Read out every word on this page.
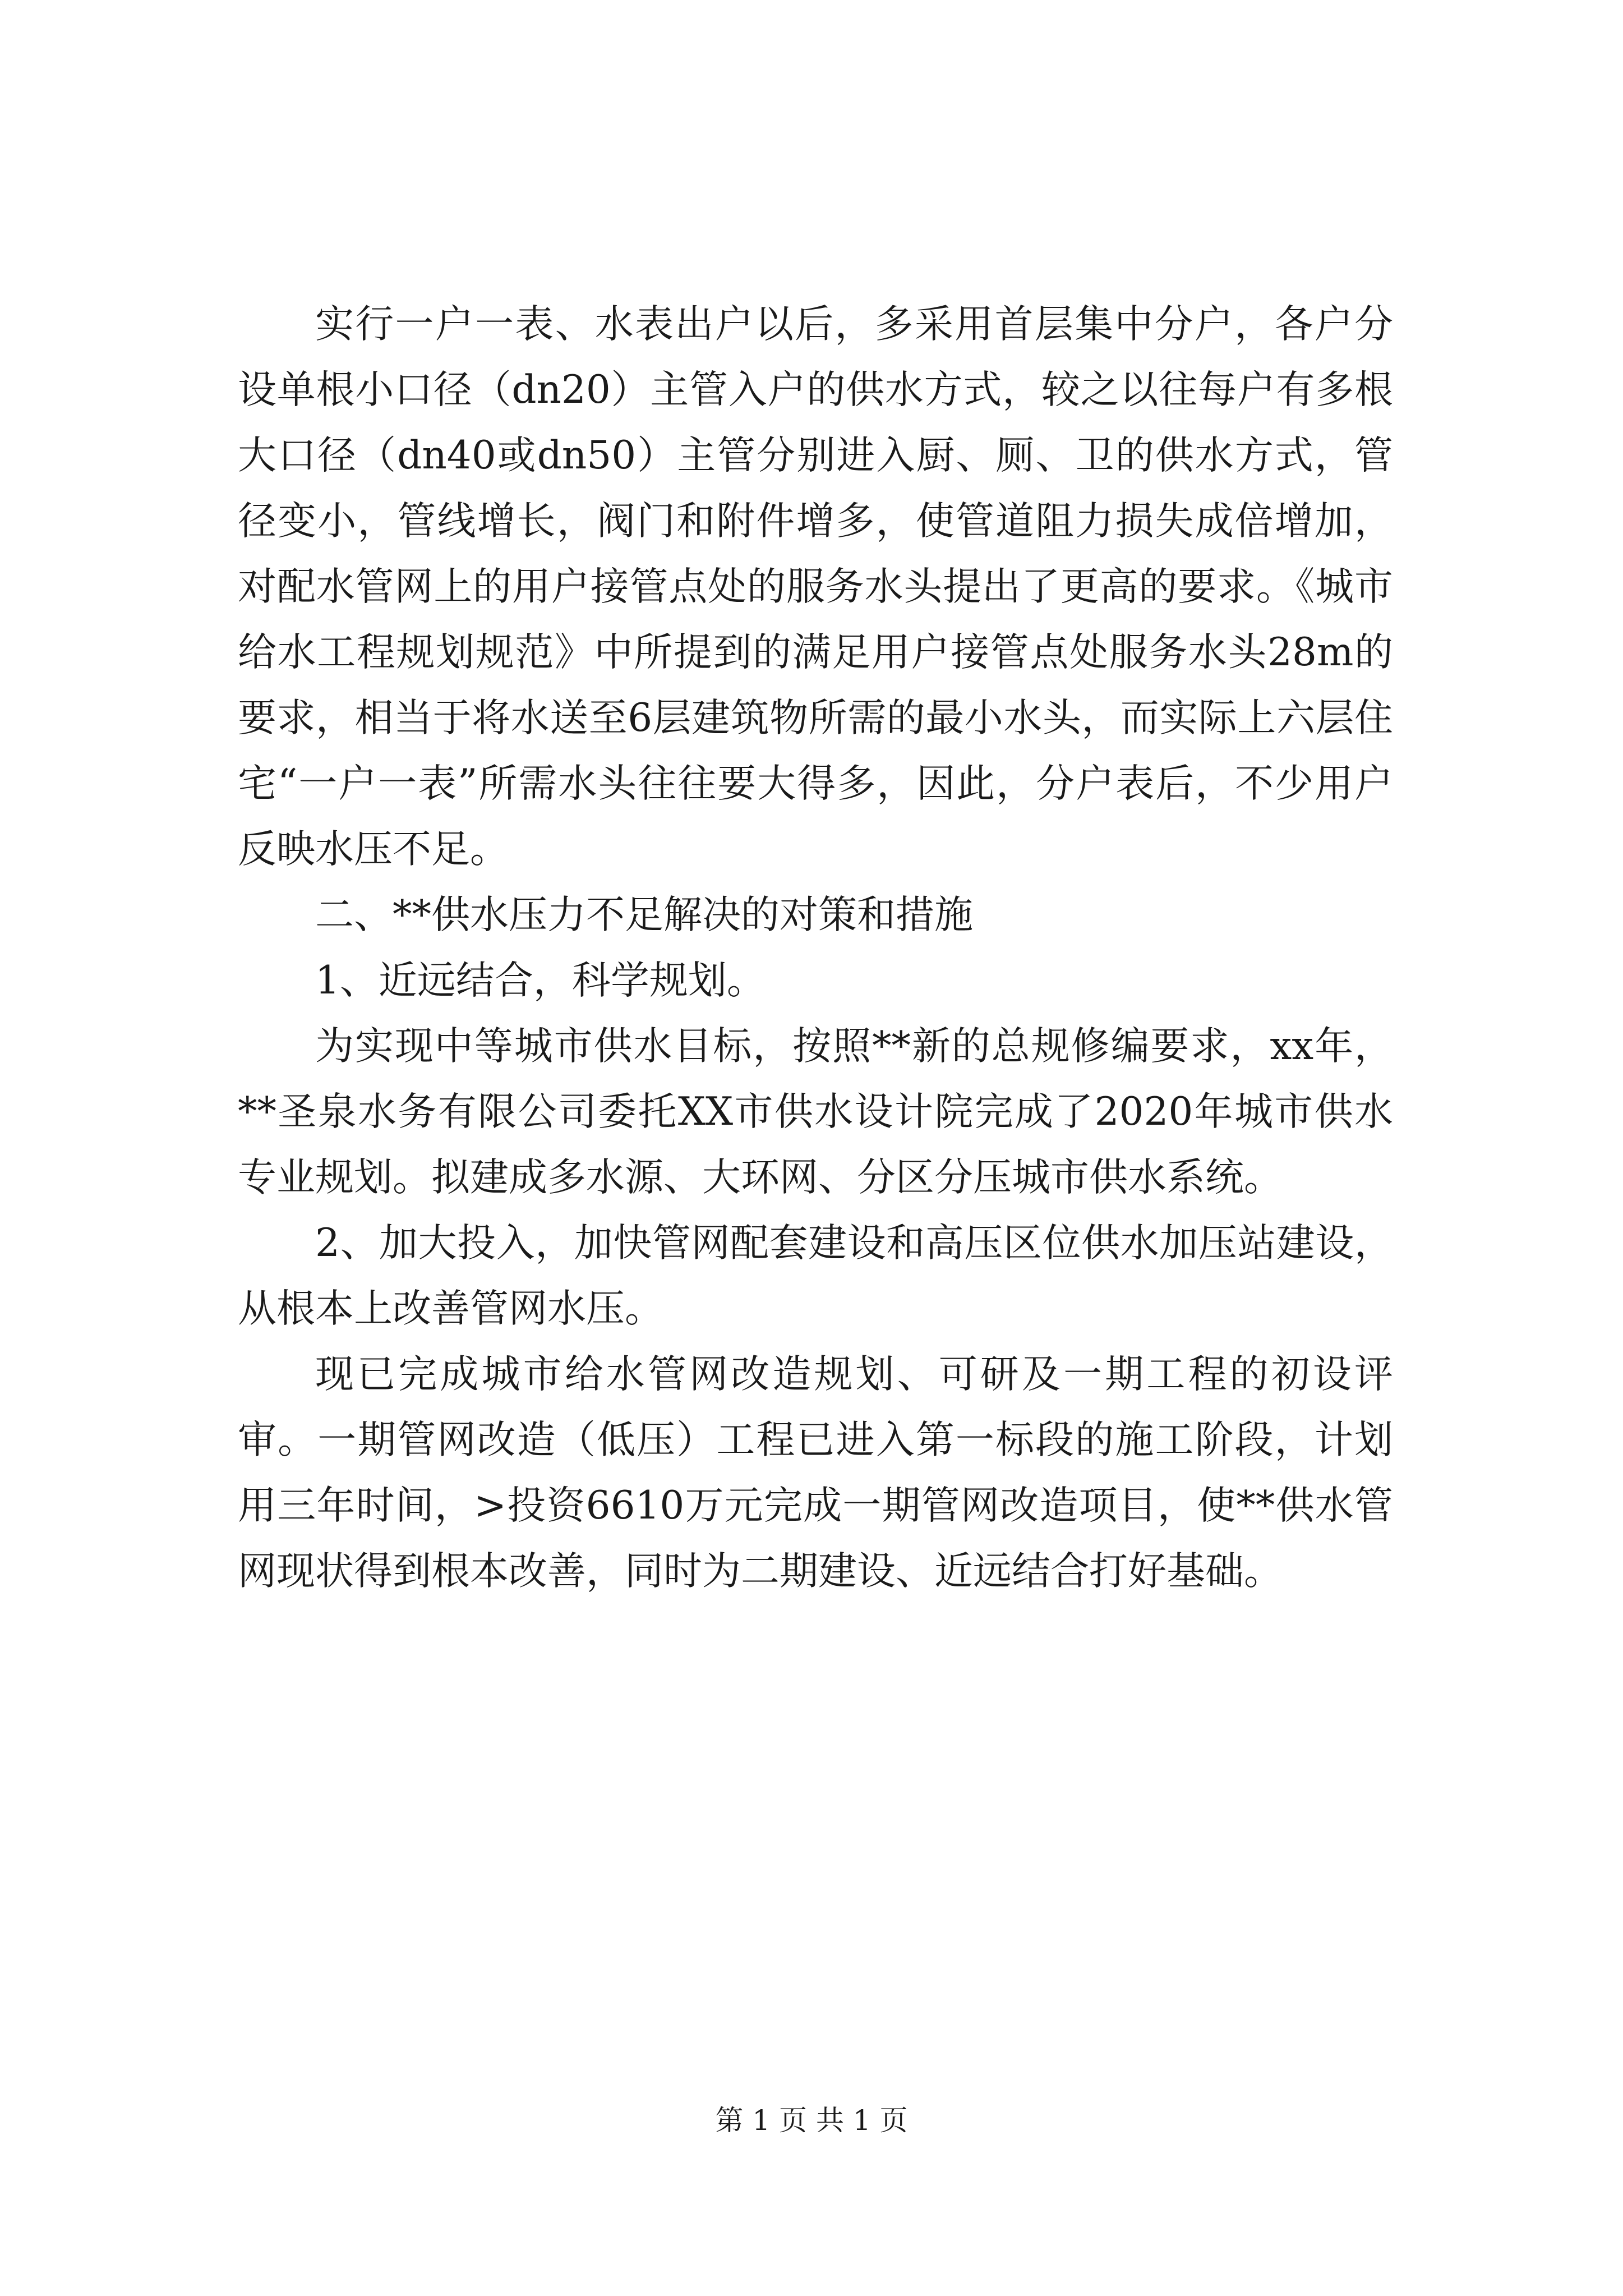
实行一户一表、水表出户以后，多采用首层集中分户，各户分设单根小口径（dn20）主管入户的供水方式，较之以往每户有多根大口径（dn40或dn50）主管分别进入厨、厕、卫的供水方式，管径变小，管线增长，阀门和附件增多，使管道阻力损失成倍增加，对配水管网上的用户接管点处的服务水头提出了更高的要求。《城市给水工程规划规范》中所提到的满足用户接管点处服务水头28m的要求，相当于将水送至6层建筑物所需的最小水头，而实际上六层住宅“一户一表”所需水头往往要大得多，因此，分户表后，不少用户反映水压不足。

二、**供水压力不足解决的对策和措施

1、近远结合，科学规划。

为实现中等城市供水目标，按照**新的总规修编要求，xx年，**圣泉水务有限公司委托XX市供水设计院完成了2020年城市供水专业规划。拟建成多水源、大环网、分区分压城市供水系统。

2、加大投入，加快管网配套建设和高压区位供水加压站建设，从根本上改善管网水压。

现已完成城市给水管网改造规划、可研及一期工程的初设评审。一期管网改造（低压）工程已进入第一标段的施工阶段，计划用三年时间，>投资6610万元完成一期管网改造项目，使**供水管网现状得到根本改善，同时为二期建设、近远结合打好基础。

第 1 页 共 1 页
